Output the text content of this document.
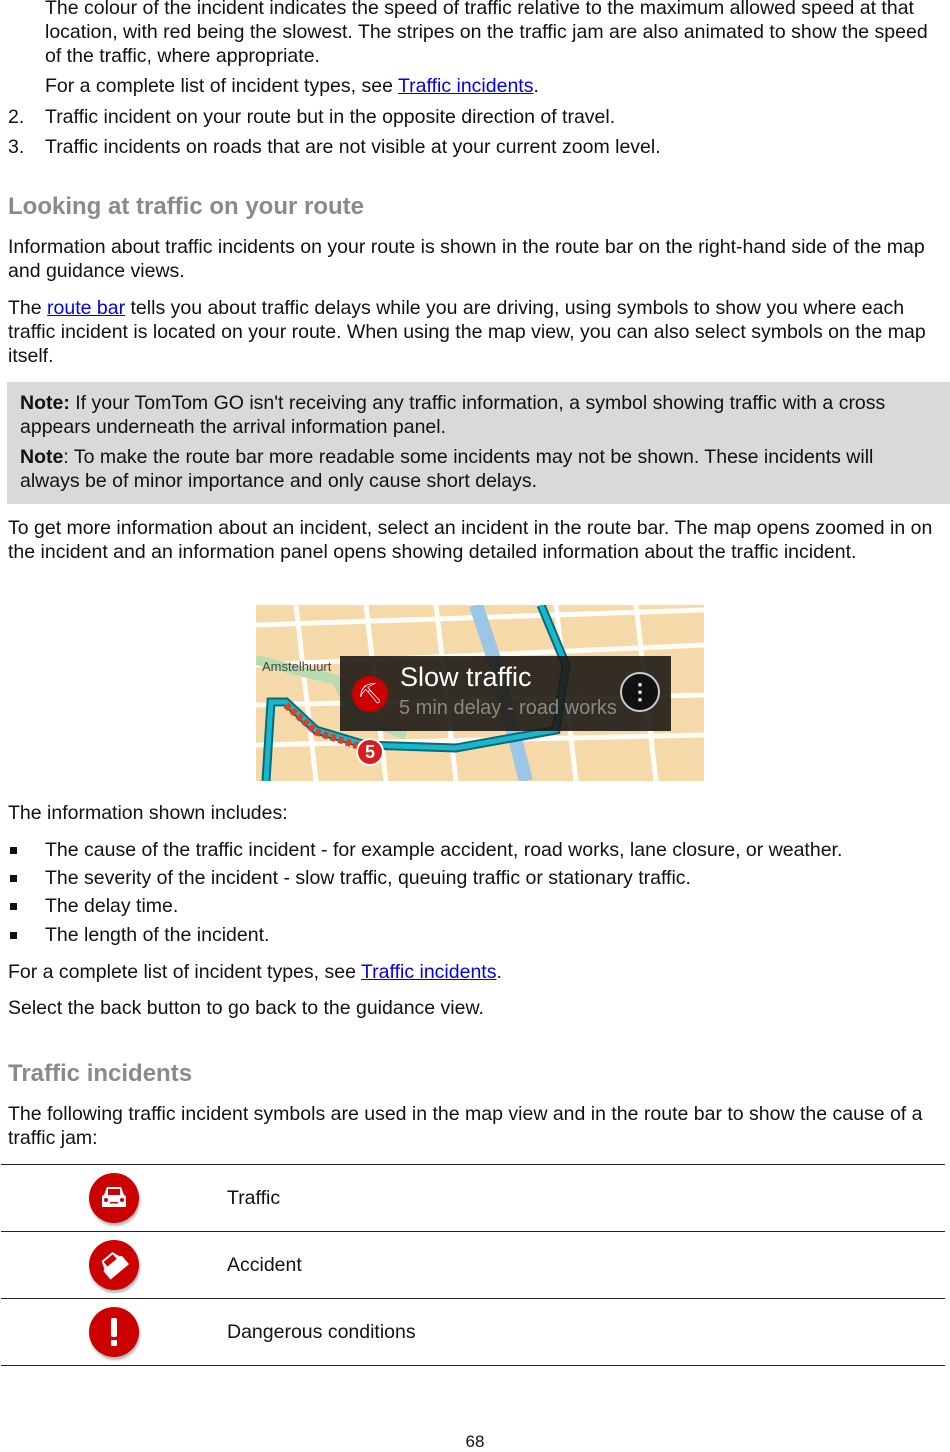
The colour of the incident indicates the speed of traffic relative to the maximum allowed speed at that location, with red being the slowest. The stripes on the traffic jam are also animated to show the speed of the traffic, where appropriate.
For a complete list of incident types, see Traffic incidents.
2. Traffic incident on your route but in the opposite direction of travel.
3. Traffic incidents on roads that are not visible at your current zoom level.
Looking at traffic on your route
Information about traffic incidents on your route is shown in the route bar on the right-hand side of the map and guidance views.
The route bar tells you about traffic delays while you are driving, using symbols to show you where each traffic incident is located on your route. When using the map view, you can also select symbols on the map itself.

Note: If your TomTom GO isn't receiving any traffic information, a symbol showing traffic with a cross appears underneath the arrival information panel.

Note: To make the route bar more readable some incidents may not be shown. These incidents will always be of minor importance and only cause short delays.

To get more information about an incident, select an incident in the route bar. The map opens zoomed in on the incident and an information panel opens showing detailed information about the traffic incident.
Amstelhuurt
⛏
Slow traffic
5 min delay - road works
⋮
5
The information shown includes:
The cause of the traffic incident - for example accident, road works, lane closure, or weather.
The severity of the incident - slow traffic, queuing traffic or stationary traffic.
The delay time.
The length of the incident.
For a complete list of incident types, see Traffic incidents.
Select the back button to go back to the guidance view.
Traffic incidents
The following traffic incident symbols are used in the map view and in the route bar to show the cause of a traffic jam:
	Traffic
	Accident
	Dangerous conditions
68
